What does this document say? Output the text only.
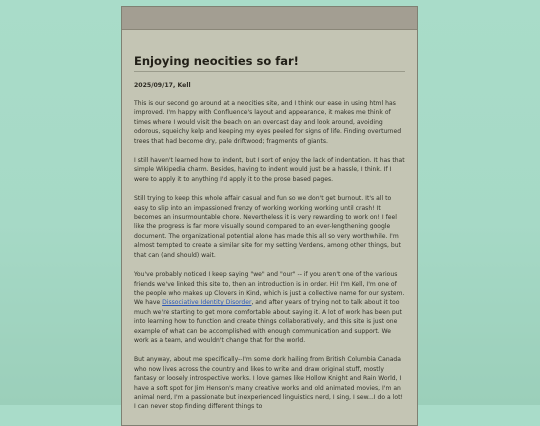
Enjoying neocities so far!
2025/09/17, Kell

This is our second go around at a neocities site, and I think our ease in using html has improved. I'm happy with Confluence's layout and appearance, it makes me think of times where I would visit the beach on an overcast day and look around, avoiding odorous, squeichy kelp and keeping my eyes peeled for signs of life. Finding overturned trees that had become dry, pale driftwood; fragments of giants.

I still haven't learned how to indent, but I sort of enjoy the lack of indentation. It has that simple Wikipedia charm. Besides, having to indent would just be a hassle, I think. If I were to apply it to anything I'd apply it to the prose based pages.

Still trying to keep this whole affair casual and fun so we don't get burnout. It's all to easy to slip into an impassioned frenzy of working working working until crash! It becomes an insurmountable chore. Nevertheless it is very rewarding to work on! I feel like the progress is far more visually sound compared to an ever-lengthening google document. The organizational potential alone has made this all so very worthwhile. I'm almost tempted to create a similar site for my setting Verdens, among other things, but that can (and should) wait.

You've probably noticed I keep saying "we" and "our" -- if you aren't one of the various friends we've linked this site to, then an introduction is in order. Hi! I'm Kell, I'm one of the people who makes up Clovers in Kind, which is just a collective name for our system. We have Dissociative Identity Disorder, and after years of trying not to talk about it too much we're starting to get more comfortable about saying it. A lot of work has been put into learning how to function and create things collaboratively, and this site is just one example of what can be accomplished with enough communication and support. We work as a team, and wouldn't change that for the world.

But anyway, about me specifically--I'm some dork hailing from British Columbia Canada who now lives across the country and likes to write and draw original stuff, mostly fantasy or loosely introspective works. I love games like Hollow Knight and Rain World, I have a soft spot for Jim Henson's many creative works and old animated movies, I'm an animal nerd, I'm a passionate but inexperienced linguistics nerd, I sing, I sew...I do a lot! I can never stop finding different things to
